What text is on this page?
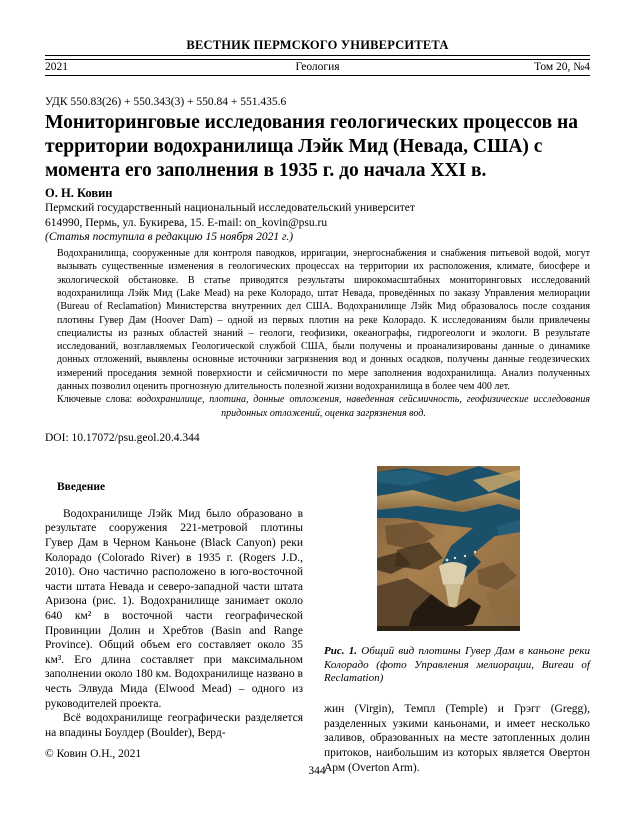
ВЕСТНИК ПЕРМСКОГО УНИВЕРСИТЕТА
2021	Геология	Том 20, №4
УДК 550.83(26) + 550.343(3) + 550.84 + 551.435.6
Мониторинговые исследования геологических процессов на территории водохранилища Лэйк Мид (Невада, США) с момента его заполнения в 1935 г. до начала XXI в.
О. Н. Ковин
Пермский государственный национальный исследовательский университет
614990, Пермь, ул. Букирева, 15. E-mail: on_kovin@psu.ru
(Статья поступила в редакцию 15 ноября 2021 г.)
Водохранилища, сооруженные для контроля паводков, ирригации, энергоснабжения и снабжения питьевой водой, могут вызывать существенные изменения в геологических процессах на территории их расположения, климате, биосфере и экологической обстановке. В статье приводятся результаты широкомасштабных мониторинговых исследований водохранилища Лэйк Мид (Lake Mead) на реке Колорадо, штат Невада, проведённых по заказу Управления мелиорации (Bureau of Reclamation) Министерства внутренних дел США. Водохранилище Лэйк Мид образовалось после создания плотины Гувер Дам (Hoover Dam) – одной из первых плотин на реке Колорадо. К исследованиям были привлечены специалисты из разных областей знаний – геологи, геофизики, океанографы, гидрогеологи и экологи. В результате исследований, возглавляемых Геологической службой США, были получены и проанализированы данные о динамике донных отложений, выявлены основные источники загрязнения вод и донных осадков, получены данные геодезических измерений проседания земной поверхности и сейсмичности по мере заполнения водохранилища. Анализ полученных данных позволил оценить прогнозную длительность полезной жизни водохранилища в более чем 400 лет.
Ключевые слова: водохранилище, плотина, донные отложения, наведенная сейсмичность, геофизические исследования придонных отложений, оценка загрязнения вод.
DOI: 10.17072/psu.geol.20.4.344
Введение

Водохранилище Лэйк Мид было образовано в результате сооружения 221-метровой плотины Гувер Дам в Черном Каньоне (Black Canyon) реки Колорадо (Colorado River) в 1935 г. (Rogers J.D., 2010). Оно частично расположено в юго-восточной части штата Невада и северо-западной части штата Аризона (рис. 1). Водохранилище занимает около 640 км² в восточной части географической Провинции Долин и Хребтов (Basin and Range Province). Общий объем его составляет около 35 км³. Его длина составляет при максимальном заполнении около 180 км. Водохранилище названо в честь Элвуда Мида (Elwood Mead) – одного из руководителей проекта.

Всё водохранилище географически разделяется на впадины Боулдер (Boulder), Верд-

Рис. 1. Общий вид плотины Гувер Дам в каньоне реки Колорадо (фото Управления мелиорации, Bureau of Reclamation)

жин (Virgin), Темпл (Temple) и Грэгг (Gregg), разделенных узкими каньонами, и имеет несколько заливов, образованных на месте затопленных долин притоков, наибольшим из которых является Овертон Арм (Overton Arm).

© Ковин О.Н., 2021
344
